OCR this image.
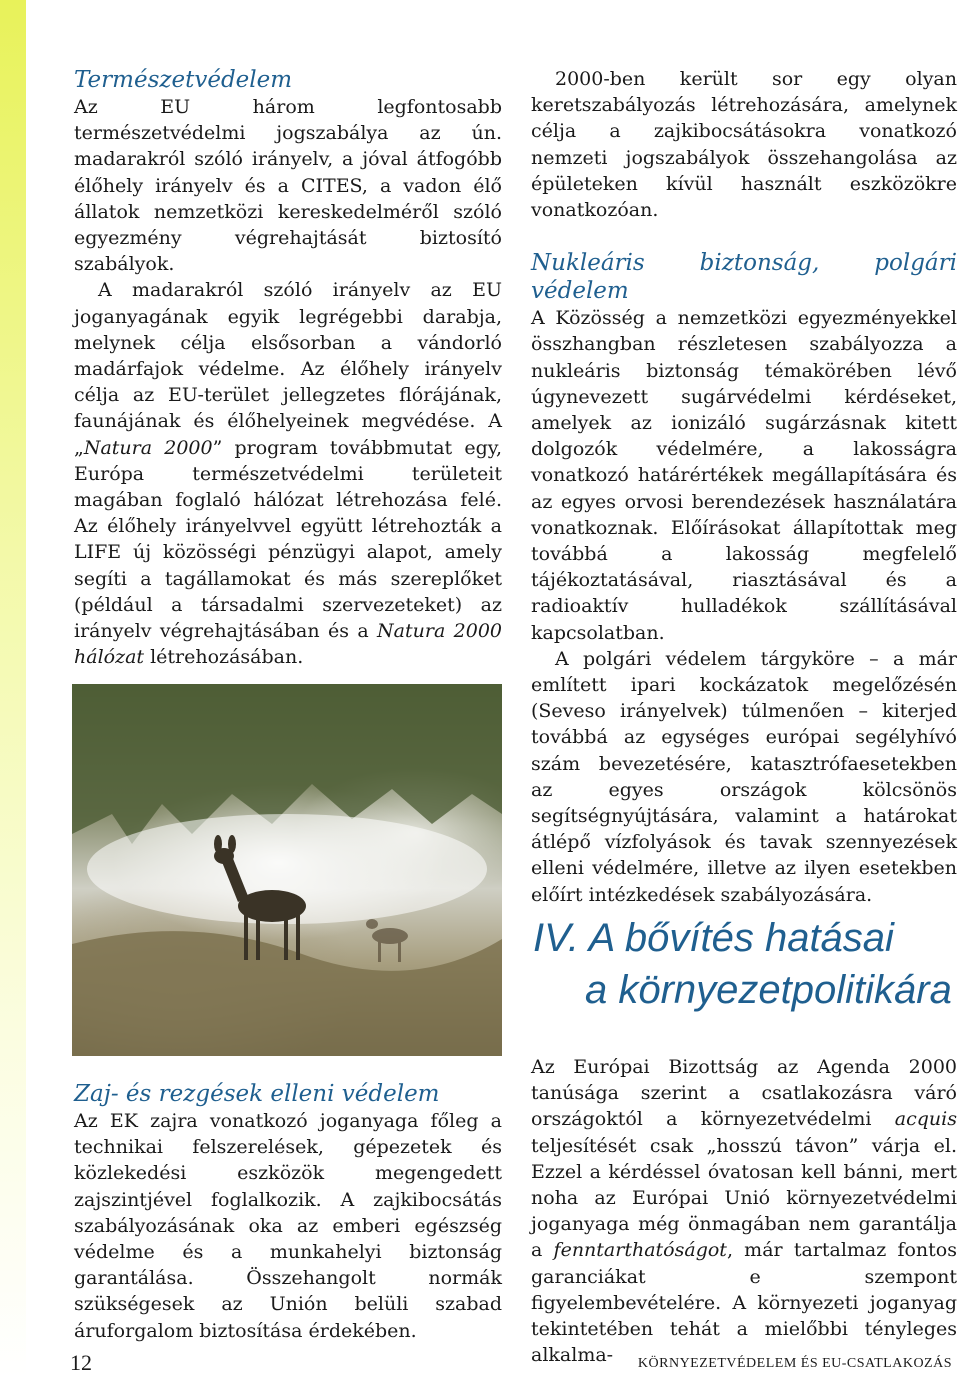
Természetvédelem

Az EU három legfontosabb természetvédelmi jogszabálya az ún. madarakról szóló irányelv, a jóval átfogóbb élőhely irányelv és a CITES, a vadon élő állatok nemzetközi kereskedelméről szóló egyezmény végrehajtását biztosító szabályok.

A madarakról szóló irányelv az EU joganyagának egyik legrégebbi darabja, melynek célja elsősorban a vándorló madárfajok védelme. Az élőhely irányelv célja az EU-terület jellegzetes flórájának, faunájának és élőhelyeinek megvédése. A „Natura 2000” program továbbmutat egy, Európa természetvédelmi területeit magában foglaló hálózat létrehozása felé. Az élőhely irányelvvel együtt létrehozták a LIFE új közösségi pénzügyi alapot, amely segíti a tagállamokat és más szereplőket (például a társadalmi szervezeteket) az irányelv végrehajtásában és a Natura 2000 hálózat létrehozásában.

2000-ben került sor egy olyan keretszabályozás létrehozására, amelynek célja a zajkibocsátásokra vonatkozó nemzeti jogszabályok összehangolása az épületeken kívül használt eszközökre vonatkozóan.

Nukleáris biztonság, polgári védelem

A Közösség a nemzetközi egyezményekkel összhangban részletesen szabályozza a nukleáris biztonság témakörében lévő úgynevezett sugárvédelmi kérdéseket, amelyek az ionizáló sugárzásnak kitett dolgozók védelmére, a lakosságra vonatkozó határértékek megállapítására és az egyes orvosi berendezések használatára vonatkoznak. Előírásokat állapítottak meg továbbá a lakosság megfelelő tájékoztatásával, riasztásával és a radioaktív hulladékok szállításával kapcsolatban.

A polgári védelem tárgyköre – a már említett ipari kockázatok megelőzésén (Seveso irányelvek) túlmenően – kiterjed továbbá az egységes európai segélyhívó szám bevezetésére, katasztrófaesetekben az egyes országok kölcsönös segítségnyújtására, valamint a határokat átlépő vízfolyások és tavak szennyezések elleni védelmére, illetve az ilyen esetekben előírt intézkedések szabályozására.

IV. A bővítés hatásai
a környezetpolitikára
Zaj- és rezgések elleni védelem

Az EK zajra vonatkozó joganyaga főleg a technikai felszerelések, gépezetek és közlekedési eszközök megengedett zajszintjével foglalkozik. A zajkibocsátás szabályozásának oka az emberi egészség védelme és a munkahelyi biztonság garantálása. Összehangolt normák szükségesek az Unión belüli szabad áruforgalom biztosítása érdekében.

Az Európai Bizottság az Agenda 2000 tanúsága szerint a csatlakozásra váró országoktól a környezetvédelmi acquis teljesítését csak „hosszú távon” várja el. Ezzel a kérdéssel óvatosan kell bánni, mert noha az Európai Unió környezetvédelmi joganyaga még önmagában nem garantálja a fenntarthatóságot, már tartalmaz fontos garanciákat e szempont figyelembevételére. A környezeti joganyag tekintetében tehát a mielőbbi tényleges alkalma-

12	KÖRNYEZETVÉDELEM ÉS EU-CSATLAKOZÁS
